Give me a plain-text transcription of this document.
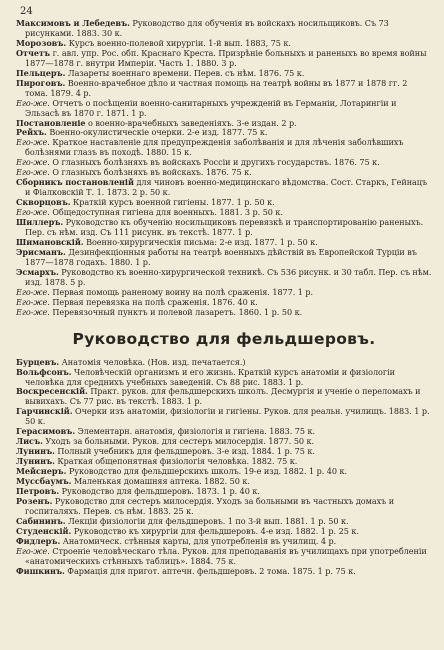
24

Максимовъ и Лебедевъ. Руководство для обученія въ войскахъ носильщиковъ. Съ 73 рисунками. 1883. 30 к.

Морозовъ. Курсъ военно-полевой хирургіи. 1-й вып. 1883, 75 к.

Отчетъ г. авл. упр. Рос. обп. Краснаго Креста. Призрѣніе больныхъ и раненыхъ во время войны 1877—1878 г. внутри Имперіи. Часть 1. 1880. 3 р.

Пельцеръ. Лазареты военнаго времени. Перев. съ нѣм. 1876. 75 к.

Пироговъ. Военно-врачебное дѣло и частная помощь на театрѣ войны въ 1877 и 1878 гг. 2 тома. 1879. 4 р.

Его-же. Отчетъ о посѣщеніи военно-санитарныхъ учрежденій въ Германіи, Лотарингіи и Эльзасѣ въ 1870 г. 1871. 1 р.

Постановленіе о военно-врачебныхъ заведеніяхъ. 3-е издан. 2 р.

Рейхъ. Военно-окулистическіе очерки. 2-е изд. 1877. 75 к.

Его-же. Краткое наставленіе для предупрежденія заболѣванія и для лѣченія заболѣвшихъ болѣзнями глазъ въ походѣ. 1880. 15 к.

Его-же. О глазныхъ болѣзняхъ въ войскахъ Россіи и другихъ государствъ. 1876. 75 к.

Его-же. О глазныхъ болѣзняхъ въ войскахъ. 1876. 75 к.

Сборникъ постановленій для чиновъ военно-медицинскаго вѣдомства. Сост. Старкъ, Гейнацъ и Фіалковскій Т. 1. 1873. 2 р. 50 к.

Скворцовъ. Краткій курсъ военной гигіены. 1877. 1 р. 50 к.

Его-же. Общедоступная гигіена для военныхъ. 1881. 3 р. 50 к.

Шиллеръ. Руководство къ обученію носильщиковъ перевязкѣ и транспортированію раненыхъ. Пер. съ нѣм. изд. Съ 111 рисунк. въ текстѣ. 1877. 1 р.

Шимановскій. Военно-хирургическія письма: 2-е изд. 1877. 1 р. 50 к.

Эрисманъ. Дезинфекціонныя работы на театрѣ военныхъ дѣйствій въ Европейской Турціи въ 1877—1878 годахъ. 1880. 1 р.

Эсмархъ. Руководство къ военно-хирургической техникѣ. Съ 536 рисунк. и 30 табл. Пер. съ нѣм. изд. 1878. 5 р.

Его-же. Первая помощь раненому воину на полѣ сраженія. 1877. 1 р.

Его-же. Первая перевязка на полѣ сраженія. 1876. 40 к.

Его-же. Перевязочный пунктъ и полевой лазаретъ. 1860. 1 р. 50 к.

Руководство для фельдшеровъ.

Бурцевъ. Анатомія человѣка. (Нов. изд. печатается.)

Вольфсонъ. Человѣческій организмъ и его жизнь. Краткій курсъ анатоміи и физіологіи человѣка для среднихъ учебныхъ заведеній. Съ 88 рис. 1883. 1 р.

Воскресенскій. Практ. руков. для фельдшерскихъ школъ. Десмургія и ученіе о переломахъ и вывихахъ. Съ 77 рис. въ текстѣ. 1883. 1 р.

Гарчинскій. Очерки изъ анатоміи, физіологіи и гигіены. Руков. для реальн. училищъ. 1883. 1 р. 50 к.

Герасимовъ. Элементарн. анатомія, физіологія и гигіена. 1883. 75 к.

Лисъ. Уходъ за больными. Руков. для сестеръ милосердія. 1877. 50 к.

Лунинъ. Полный учебникъ для фельдшеровъ. 3-е изд. 1884. 1 р. 75 к.

Лунинъ. Краткая общепонятная физіологія человѣка. 1882. 75 к.

Мейснеръ. Руководство для фельдшерскихъ школъ. 19-е изд. 1882. 1 р. 40 к.

Муссбаумъ. Маленькая домашняя аптека. 1882. 50 к.

Петровъ. Руководство для фельдшеровъ. 1873. 1 р. 40 к.

Розенъ. Руководство для сестеръ милосердія. Уходъ за больными въ частныхъ домахъ и госпиталяхъ. Перев. съ нѣм. 1883. 25 к.

Сабининъ. Лекціи физіологіи для фельдшеровъ. 1 по 3-й вып. 1881. 1 р. 50 к.

Студенскій. Руководство къ хирургіи для фельдшеровъ. 4-е изд. 1882. 1 р. 25 к.

Фидлеръ. Анатомическ. стѣнныя карты, для употребленія въ училищ. 4 р.

Его-же. Строеніе человѣческаго тѣла. Руков. для преподаванія въ училищахъ при употребленіи «анатомическихъ стѣнныхъ таблицъ». 1884. 75 к.

Фишкинъ. Фармація для пригот. аптечн. фельдшеровъ. 2 тома. 1875. 1 р. 75 к.
